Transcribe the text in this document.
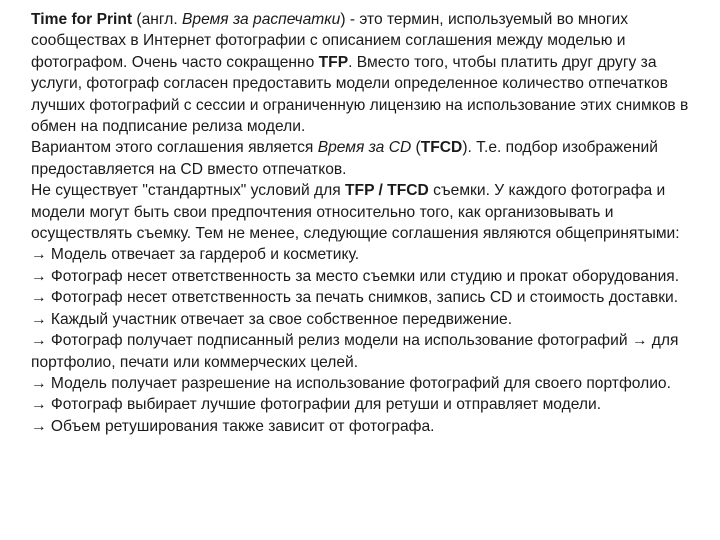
Time for Print (англ. Время за распечатки) - это термин, используемый во многих сообществах в Интернет фотографии с описанием соглашения между моделью и фотографом. Очень часто сокращенно TFP. Вместо того, чтобы платить друг другу за услуги, фотограф согласен предоставить модели определенное количество отпечатков лучших фотографий с сессии и ограниченную лицензию на использование этих снимков в обмен на подписание релиза модели.

Вариантом этого соглашения является Время за CD (TFCD). Т.е. подбор изображений предоставляется на CD вместо отпечатков.

Не существует "стандартных" условий для TFP / TFCD съемки. У каждого фотографа и модели могут быть свои предпочтения относительно того, как организовывать и осуществлять съемку. Тем не менее, следующие соглашения являются общепринятыми:

→ Модель отвечает за гардероб и косметику.
→ Фотограф несет ответственность за место съемки или студию и прокат оборудования.
→ Фотограф несет ответственность за печать снимков, запись CD и стоимость доставки.
→ Каждый участник отвечает за свое собственное передвижение.
→ Фотограф получает подписанный релиз модели на использование фотографий → для портфолио, печати или коммерческих целей.
→ Модель получает разрешение на использование фотографий для своего портфолио.
→ Фотограф выбирает лучшие фотографии для ретуши и отправляет модели.
→ Объем ретуширования также зависит от фотографа.
